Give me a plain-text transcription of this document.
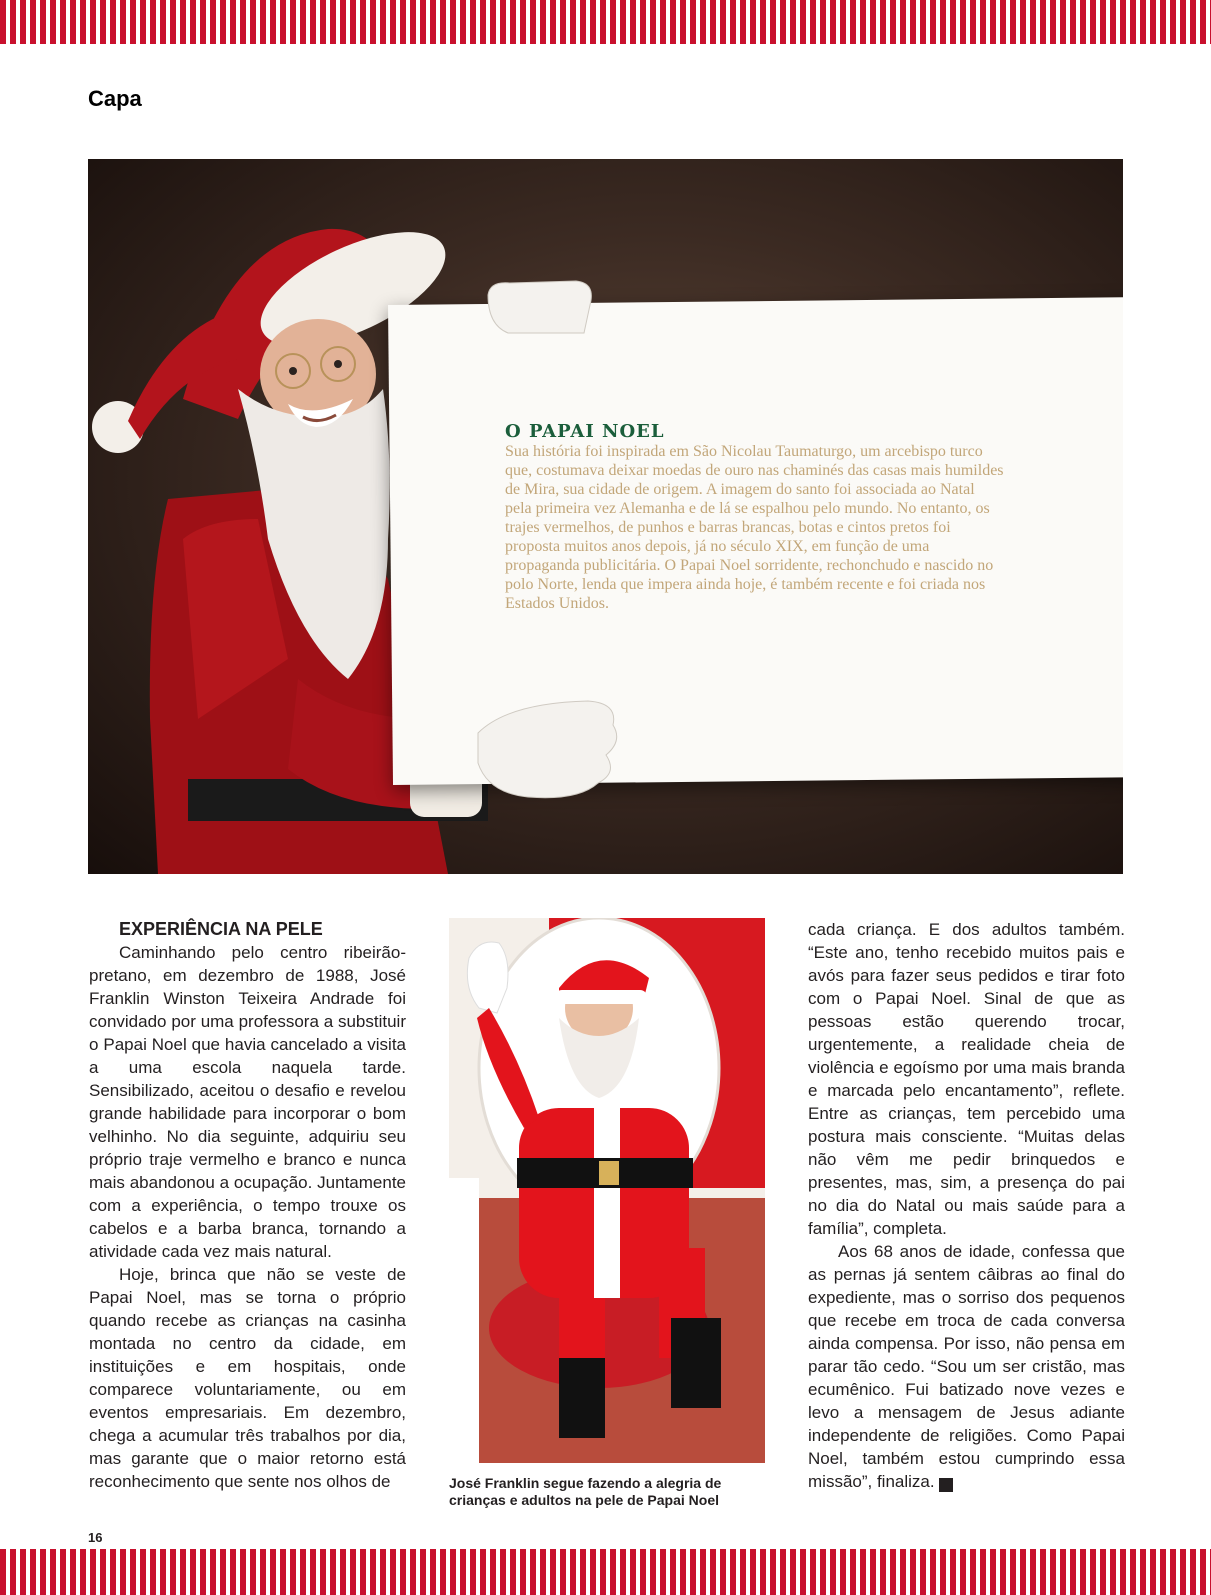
Capa

O PAPAI NOEL

Sua história foi inspirada em São Nicolau Taumaturgo, um arcebispo turco que, costumava deixar moedas de ouro nas chaminés das casas mais humildes de Mira, sua cidade de origem. A imagem do santo foi associada ao Natal pela primeira vez Alemanha e de lá se espalhou pelo mundo. No entanto, os trajes vermelhos, de punhos e barras brancas, botas e cintos pretos foi proposta muitos anos depois, já no século XIX, em função de uma propaganda publicitária. O Papai Noel sorridente, rechonchudo e nascido no polo Norte, lenda que impera ainda hoje, é também recente e foi criada nos Estados Unidos.

EXPERIÊNCIA NA PELE

Caminhando pelo centro ribeirão-pretano, em dezembro de 1988, José Franklin Winston Teixeira Andrade foi convidado por uma professora a substituir o Papai Noel que havia cancelado a visita a uma escola naquela tarde. Sensibilizado, aceitou o desafio e revelou grande habilidade para incorporar o bom velhinho. No dia seguinte, adquiriu seu próprio traje vermelho e branco e nunca mais abandonou a ocupação. Juntamente com a experiência, o tempo trouxe os cabelos e a barba branca, tornando a atividade cada vez mais natural.

Hoje, brinca que não se veste de Papai Noel, mas se torna o próprio quando recebe as crianças na casinha montada no centro da cidade, em instituições e em hospitais, onde comparece voluntariamente, ou em eventos empresariais. Em dezembro, chega a acumular três trabalhos por dia, mas garante que o maior retorno está reconhecimento que sente nos olhos de	José Franklin segue fazendo a alegria de crianças e adultos na pele de Papai Noel

cada criança. E dos adultos também. “Este ano, tenho recebido muitos pais e avós para fazer seus pedidos e tirar foto com o Papai Noel. Sinal de que as pessoas estão querendo trocar, urgentemente, a realidade cheia de violência e egoísmo por uma mais branda e marcada pelo encantamento”, reflete. Entre as crianças, tem percebido uma postura mais consciente. “Muitas delas não vêm me pedir brinquedos e presentes, mas, sim, a presença do pai no dia do Natal ou mais saúde para a família”, completa.

Aos 68 anos de idade, confessa que as pernas já sentem câibras ao final do expediente, mas o sorriso dos pequenos que recebe em troca de cada conversa ainda compensa. Por isso, não pensa em parar tão cedo. “Sou um ser cristão, mas ecumênico. Fui batizado nove vezes e levo a mensagem de Jesus adiante independente de religiões. Como Papai Noel, também estou cumprindo essa missão”, finaliza.	r

16
